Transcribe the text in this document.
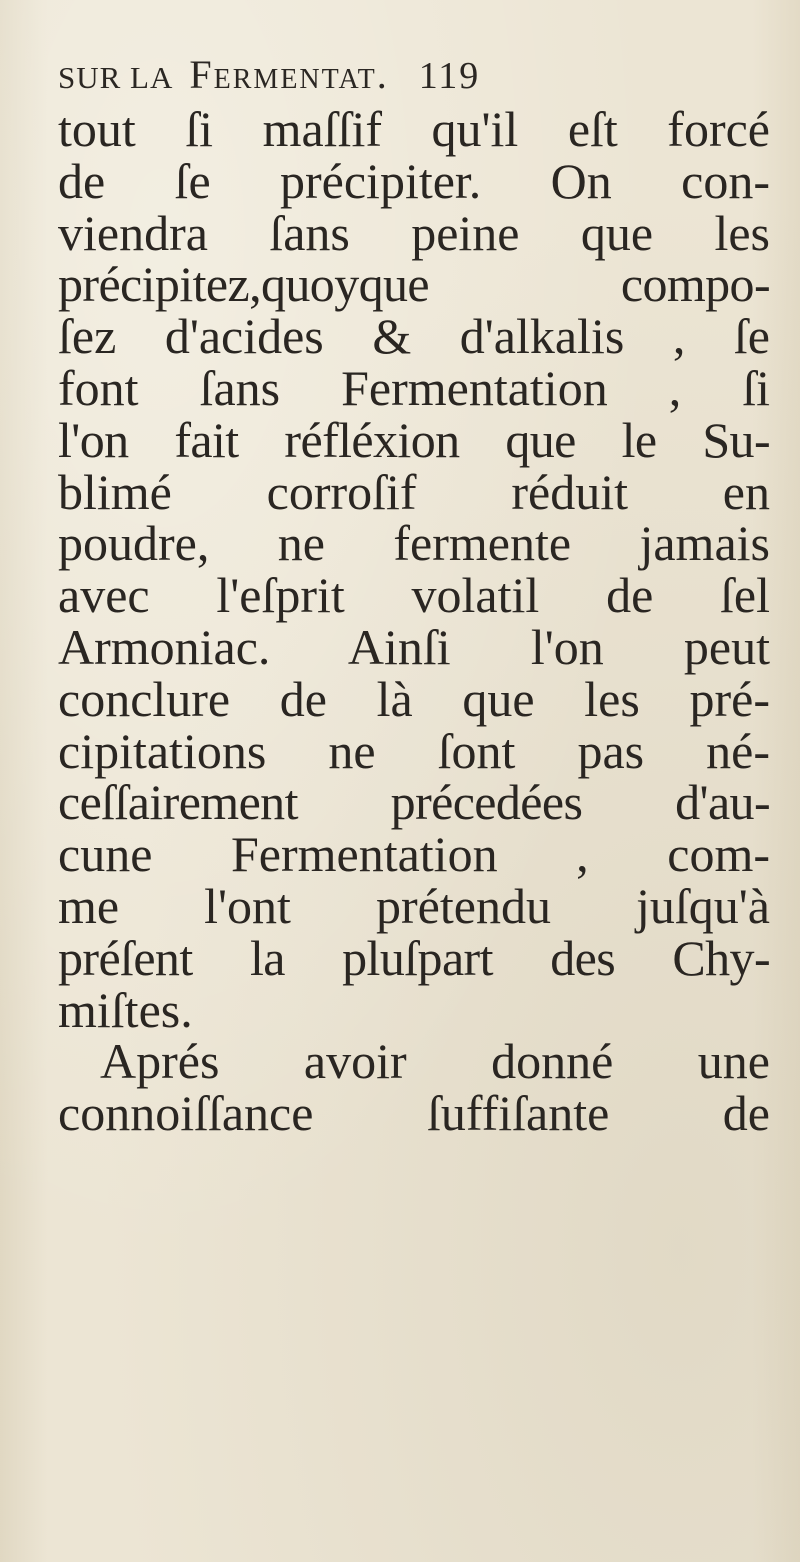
SUR LA Fermentat. 119
tout ſi maſſif qu'il eſt forcé
de ſe précipiter. On con-
viendra ſans peine que les
précipitez,quoyque compo-
ſez d'acides & d'alkalis , ſe
font ſans Fermentation , ſi
l'on fait réfléxion que le Su-
blimé corroſif réduit en
poudre, ne fermente jamais
avec l'eſprit volatil de ſel
Armoniac. Ainſi l'on peut
conclure de là que les pré-
cipitations ne ſont pas né-
ceſſairement précedées d'au-
cune Fermentation , com-
me l'ont prétendu juſqu'à
préſent la pluſpart des Chy-
miſtes.
Aprés avoir donné une
connoiſſance ſuffiſante de
